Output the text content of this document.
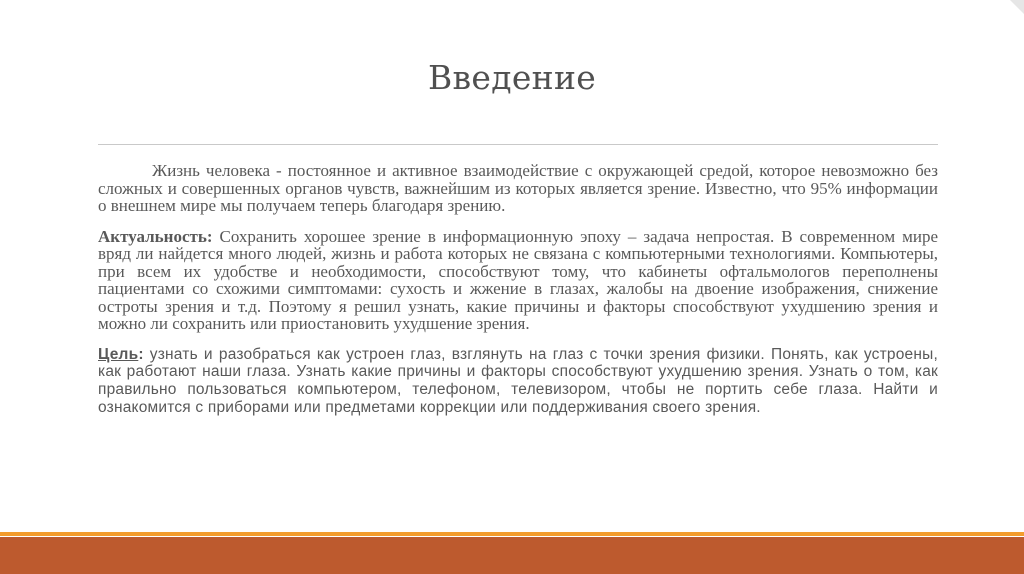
Введение

Жизнь человека - постоянное и активное взаимодействие с окружающей средой, которое невозможно без сложных и совершенных органов чувств, важнейшим из которых является зрение. Известно, что 95% информации о внешнем мире мы получаем теперь благодаря зрению.

Актуальность: Сохранить хорошее зрение в информационную эпоху – задача непростая. В современном мире вряд ли найдется много людей, жизнь и работа которых не связана с компьютерными технологиями. Компьютеры, при всем их удобстве и необходимости, способствуют тому, что кабинеты офтальмологов переполнены пациентами со схожими симптомами: сухость и жжение в глазах, жалобы на двоение изображения, снижение остроты зрения и т.д. Поэтому я решил узнать, какие причины и факторы способствуют ухудшению зрения и можно ли сохранить или приостановить ухудшение зрения.

Цель: узнать и разобраться как устроен глаз, взглянуть на глаз с точки зрения физики. Понять, как устроены, как работают наши глаза. Узнать какие причины и факторы способствуют ухудшению зрения. Узнать о том, как правильно пользоваться компьютером, телефоном, телевизором, чтобы не портить себе глаза. Найти и ознакомится с приборами или предметами коррекции или поддерживания своего зрения.
